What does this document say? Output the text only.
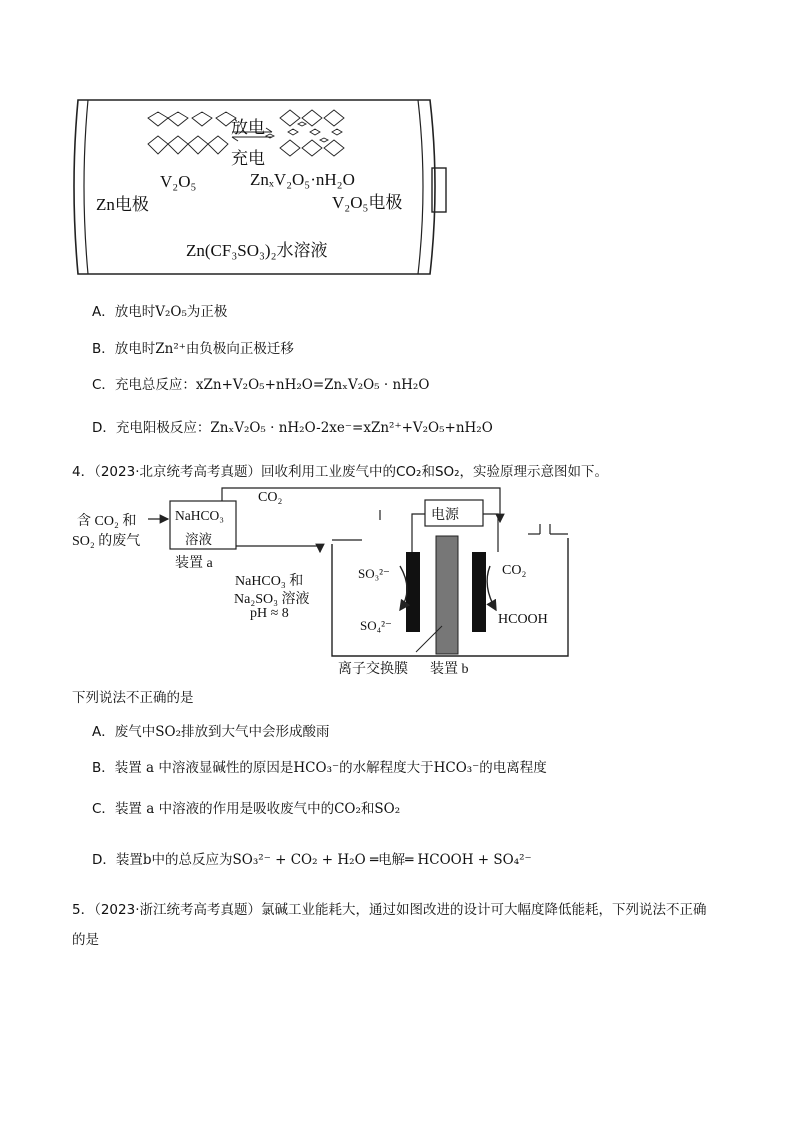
放电
充电
V₂O₅	ZnₓV₂O₅·nH₂O
Zn电极	V₂O₅电极
Zn(CF₃SO₃)₂水溶液
A．放电时V₂O₅为正极
B．放电时Zn²⁺由负极向正极迁移
C．充电总反应：xZn+V₂O₅+nH₂O=ZnₓV₂O₅ · nH₂O
D．充电阳极反应：ZnₓV₂O₅ · nH₂O-2xe⁻=xZn²⁺+V₂O₅+nH₂O
4．（2023·北京统考高考真题）回收利用工业废气中的CO₂和SO₂，实验原理示意图如下。
含 CO₂ 和
SO₂ 的废气
NaHCO₃
溶液
装置 a
CO₂
电源
NaHCO₃ 和
Na₂SO₃ 溶液
pH ≈ 8
SO₃²⁻
SO₄²⁻
CO₂
HCOOH
离子交换膜 装置 b
下列说法不正确的是
A．废气中SO₂排放到大气中会形成酸雨
B．装置 a 中溶液显碱性的原因是HCO₃⁻的水解程度大于HCO₃⁻的电离程度
C．装置 a 中溶液的作用是吸收废气中的CO₂和SO₂
D．装置b中的总反应为SO₃²⁻ + CO₂ + H₂O ═电解═ HCOOH + SO₄²⁻
5．（2023·浙江统考高考真题）氯碱工业能耗大，通过如图改进的设计可大幅度降低能耗，下列说法不正确
的是
